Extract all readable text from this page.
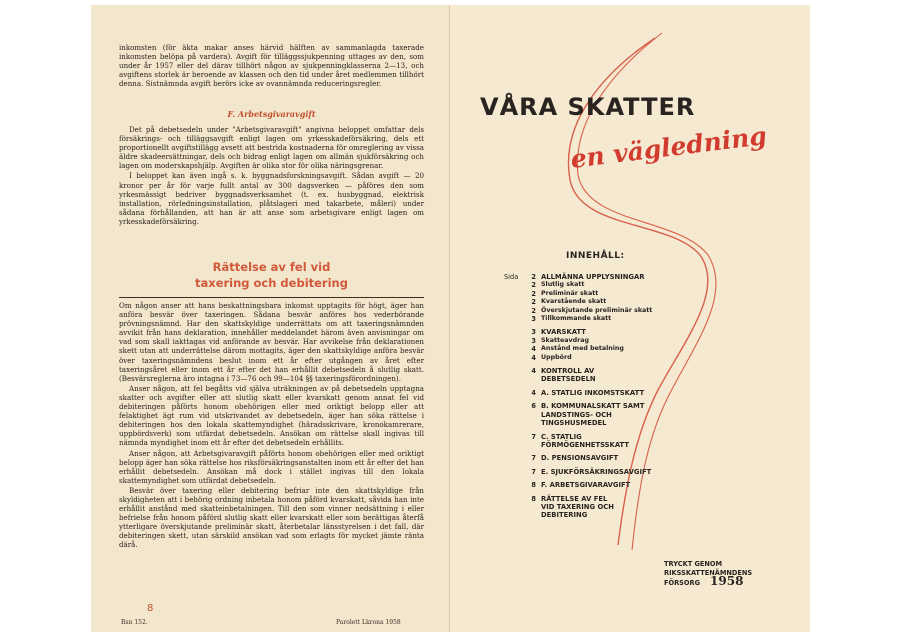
inkomsten (för äkta makar anses härvid hälften av sammanlagda taxerade inkomsten belöpa på vardera). Avgift för tilläggssjukpenning uttages av den, som under år 1957 eller del därav tillhört någon av sjukpenningklasserna 2—13, och avgiftens storlek är beroende av klassen och den tid under året medlemmen tillhört denna. Sistnämnda avgift berörs icke av ovannämnda reduceringsregler.

F. Arbetsgivaravgift

Det på debetsedeln under "Arbetsgivaravgift" angivna beloppet omfattar dels försäkrings- och tilläggsavgift enligt lagen om yrkesskadeförsäkring, dels ett proportionellt avgiftstillägg avsett att bestrida kostnaderna för omreglering av vissa äldre skadeersättningar, dels och bidrag enligt lagen om allmän sjukförsäkring och lagen om moderskapshjälp. Avgiften är olika stor för olika näringsgrenar.

I beloppet kan även ingå s. k. byggnadsforskningsavgift. Sådan avgift — 20 kronor per år för varje fullt antal av 300 dagsverken — påföres den som yrkesmässigt bedriver byggnadsverksamhet (t. ex. husbyggnad, elektrisk installation, rörledningsinstallation, plåtslageri med takarbete, måleri) under sådana förhållanden, att han är att anse som arbetsgivare enligt lagen om yrkesskadeförsäkring.

Rättelse av fel vid
taxering och debitering

Om någon anser att hans beskattningsbara inkomst upptagits för högt, äger han anföra besvär över taxeringen. Sådana besvär anföres hos vederbörande prövningsnämnd. Har den skattskyldige underrättats om att taxeringsnämnden avvikit från hans deklaration, innehåller meddelandet härom även anvisningar om vad som skall iakttagas vid anförande av besvär. Har avvikelse från deklarationen skett utan att underrättelse därom mottagits, äger den skattskyldige anföra besvär över taxeringsnämndens beslut inom ett år efter utgången av året efter taxeringsåret eller inom ett år efter det han erhållit debetsedeln å slutlig skatt. (Besvärsreglerna äro intagna i 73—76 och 99—104 §§ taxeringsförordningen).

Anser någon, att fel begåtts vid själva uträkningen av på debetsedeln upptagna skatter och avgifter eller att slutlig skatt eller kvarskatt genom annat fel vid debiteringen påförts honom obehörigen eller med oriktigt belopp eller att felaktighet ägt rum vid utskrivandet av debetsedeln, äger han söka rättelse i debiteringen hos den lokala skattemyndighet (häradsskrivare, kronokamrerare, uppbördsverk) som utfärdat debetsedeln. Ansökan om rättelse skall ingivas till nämnda myndighet inom ett år efter det debetsedeln erhållits.

Anser någon, att Arbetsgivaravgift påförts honom obehörigen eller med oriktigt belopp äger han söka rättelse hos riksförsäkringsanstalten inom ett år efter det han erhållit debetsedeln. Ansökan må dock i stället ingivas till den lokala skattemyndighet som utfärdat debetsedeln.

Besvär över taxering eller debitering befriar inte den skattskyldige från skyldigheten att i behörig ordning inbetala honom påförd kvarskatt, såvida han inte erhållit anstånd med skatteinbetalningen. Till den som vinner nedsättning i eller befrielse från honom påförd slutlig skatt eller kvarskatt eller som berättigas återfå ytterligare överskjutande preliminär skatt, återbetalar länsstyrelsen i det fall, där debiteringen skett, utan särskild ansökan vad som erlagts för mycket jämte ränta därå.

8
Rsn 152.	Parolett Lkrona 1958
VÅRA SKATTER
en vägledning
INNEHÅLL:
Sida	2 ALLMÄNNA UPPLYSNINGAR
2 Slutlig skatt
2 Preliminär skatt
2 Kvarstående skatt
2 Överskjutande preliminär skatt
3 Tillkommande skatt
3 KVARSKATT
3 Skatteavdrag
4 Anstånd med betalning
4 Uppbörd
4 KONTROLL AV
DEBETSEDELN
4 A. STATLIG INKOMSTSKATT
6 B. KOMMUNALSKATT SAMT
LANDSTINGS- OCH
TINGSHUSMEDEL
7 C. STATLIG
FÖRMÖGENHETSSKATT
7 D. PENSIONSAVGIFT
7 E. SJUKFÖRSÄKRINGSAVGIFT
8 F. ARBETSGIVARAVGIFT
8 RÄTTELSE AV FEL
VID TAXERING OCH
DEBITERING
TRYCKT GENOM
RIKSSKATTENÄMNDENS
FÖRSORG 1958
